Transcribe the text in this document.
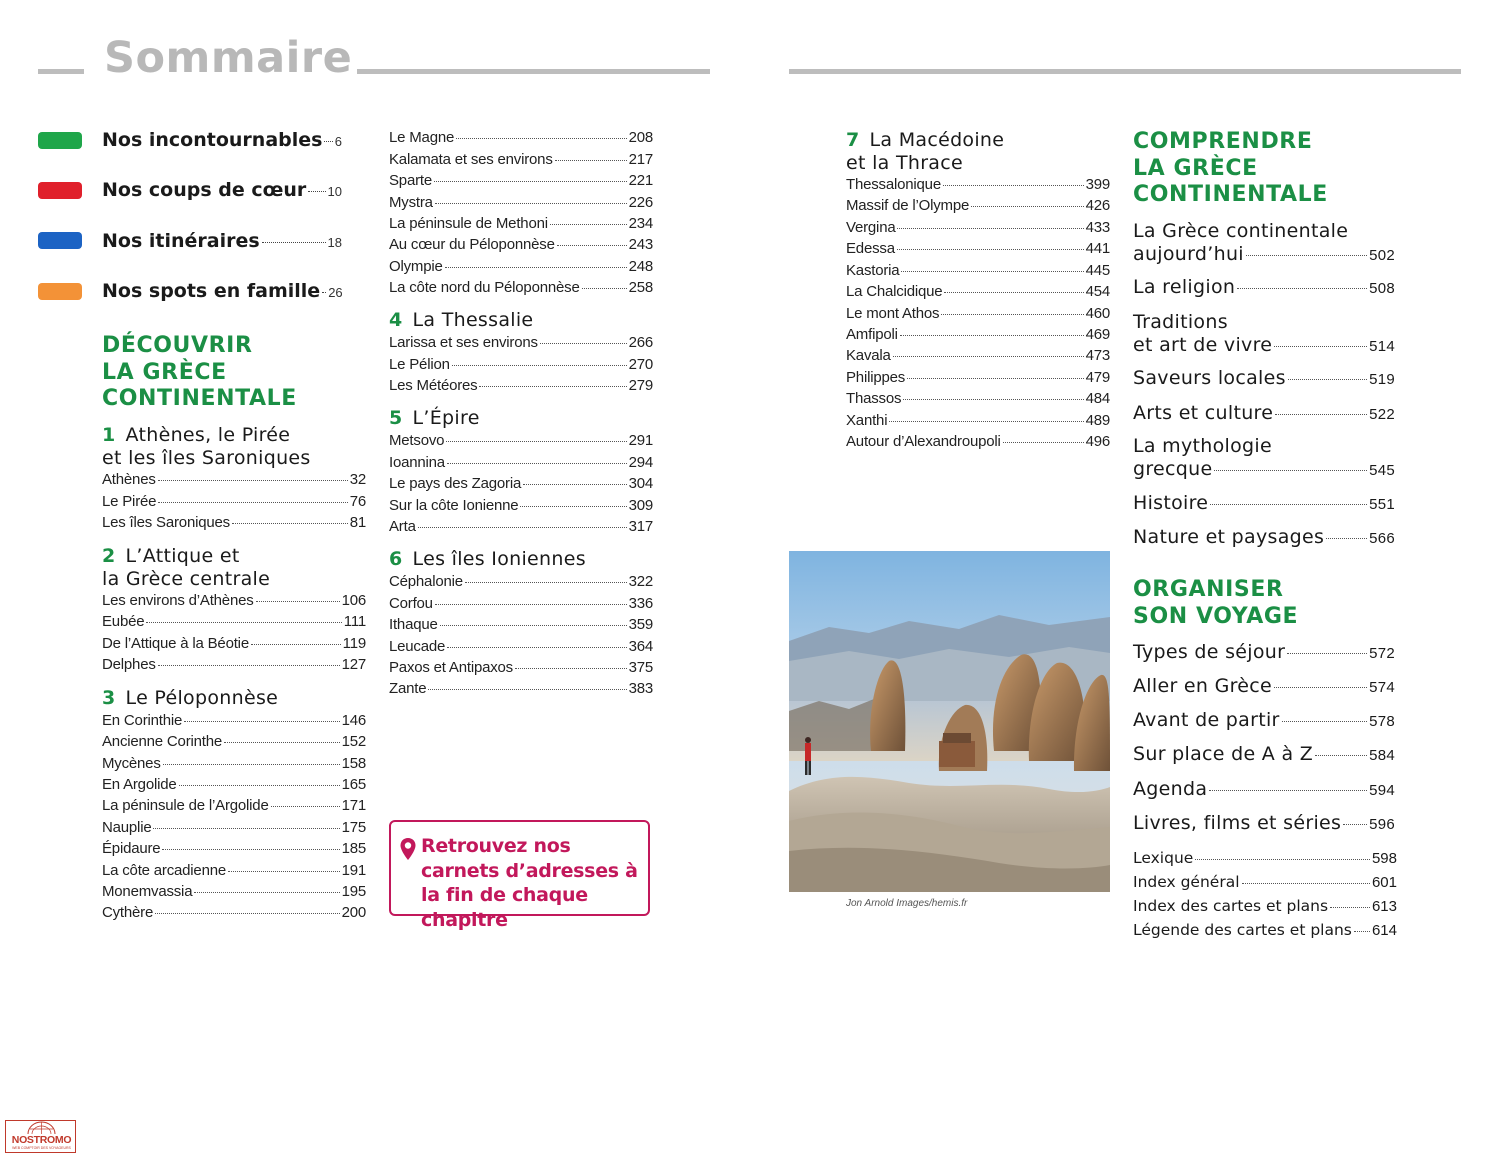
Sommaire
Nos incontournables 6
Nos coups de cœur 10
Nos itinéraires	18
Nos spots en famille 26
DÉCOUVRIR
LA GRÈCE
CONTINENTALE
1 Athènes, le Pirée
et les îles Saroniques
Athènes	32
Le Pirée	76
Les îles Saroniques	81
2 L’Attique et
la Grèce centrale
Les environs d’Athènes	106
Eubée	111
De l’Attique à la Béotie	119
Delphes	127
3 Le Péloponnèse
En Corinthie	146
Ancienne Corinthe	152
Mycènes	158
En Argolide	165
La péninsule de l’Argolide	171
Nauplie	175
Épidaure	185
La côte arcadienne	191
Monemvassia	195
Cythère	200
Le Magne	208
Kalamata et ses environs	217
Sparte	221
Mystra	226
La péninsule de Methoni	234
Au cœur du Péloponnèse	243
Olympie	248
La côte nord du Péloponnèse	258
4 La Thessalie
Larissa et ses environs	266
Le Pélion	270
Les Météores	279
5 L’Épire
Metsovo	291
Ioannina	294
Le pays des Zagoria	304
Sur la côte Ionienne	309
Arta	317
6 Les îles Ioniennes
Céphalonie	322
Corfou	336
Ithaque	359
Leucade	364
Paxos et Antipaxos	375
Zante	383
Retrouvez nos carnets d’adresses à la fin de chaque chapitre
7 La Macédoine
et la Thrace
Thessalonique	399
Massif de l’Olympe	426
Vergina	433
Edessa	441
Kastoria	445
La Chalcidique	454
Le mont Athos	460
Amfipoli	469
Kavala	473
Philippes	479
Thassos	484
Xanthi	489
Autour d’Alexandroupoli	496
Jon Arnold Images/hemis.fr
COMPRENDRE
LA GRÈCE
CONTINENTALE
La Grèce continentale
aujourd’hui	502
La religion	508
Traditions
et art de vivre	514
Saveurs locales	519
Arts et culture	522
La mythologie
grecque	545
Histoire	551
Nature et paysages	566
ORGANISER
SON VOYAGE
Types de séjour	572
Aller en Grèce	574
Avant de partir	578
Sur place de A à Z	584
Agenda	594
Livres, films et séries 596
Lexique	598
Index général	601
Index des cartes et plans	613
Légende des cartes et plans 614
NOSTROMO
WEB COMPTOIR DES VOYAGEURS
